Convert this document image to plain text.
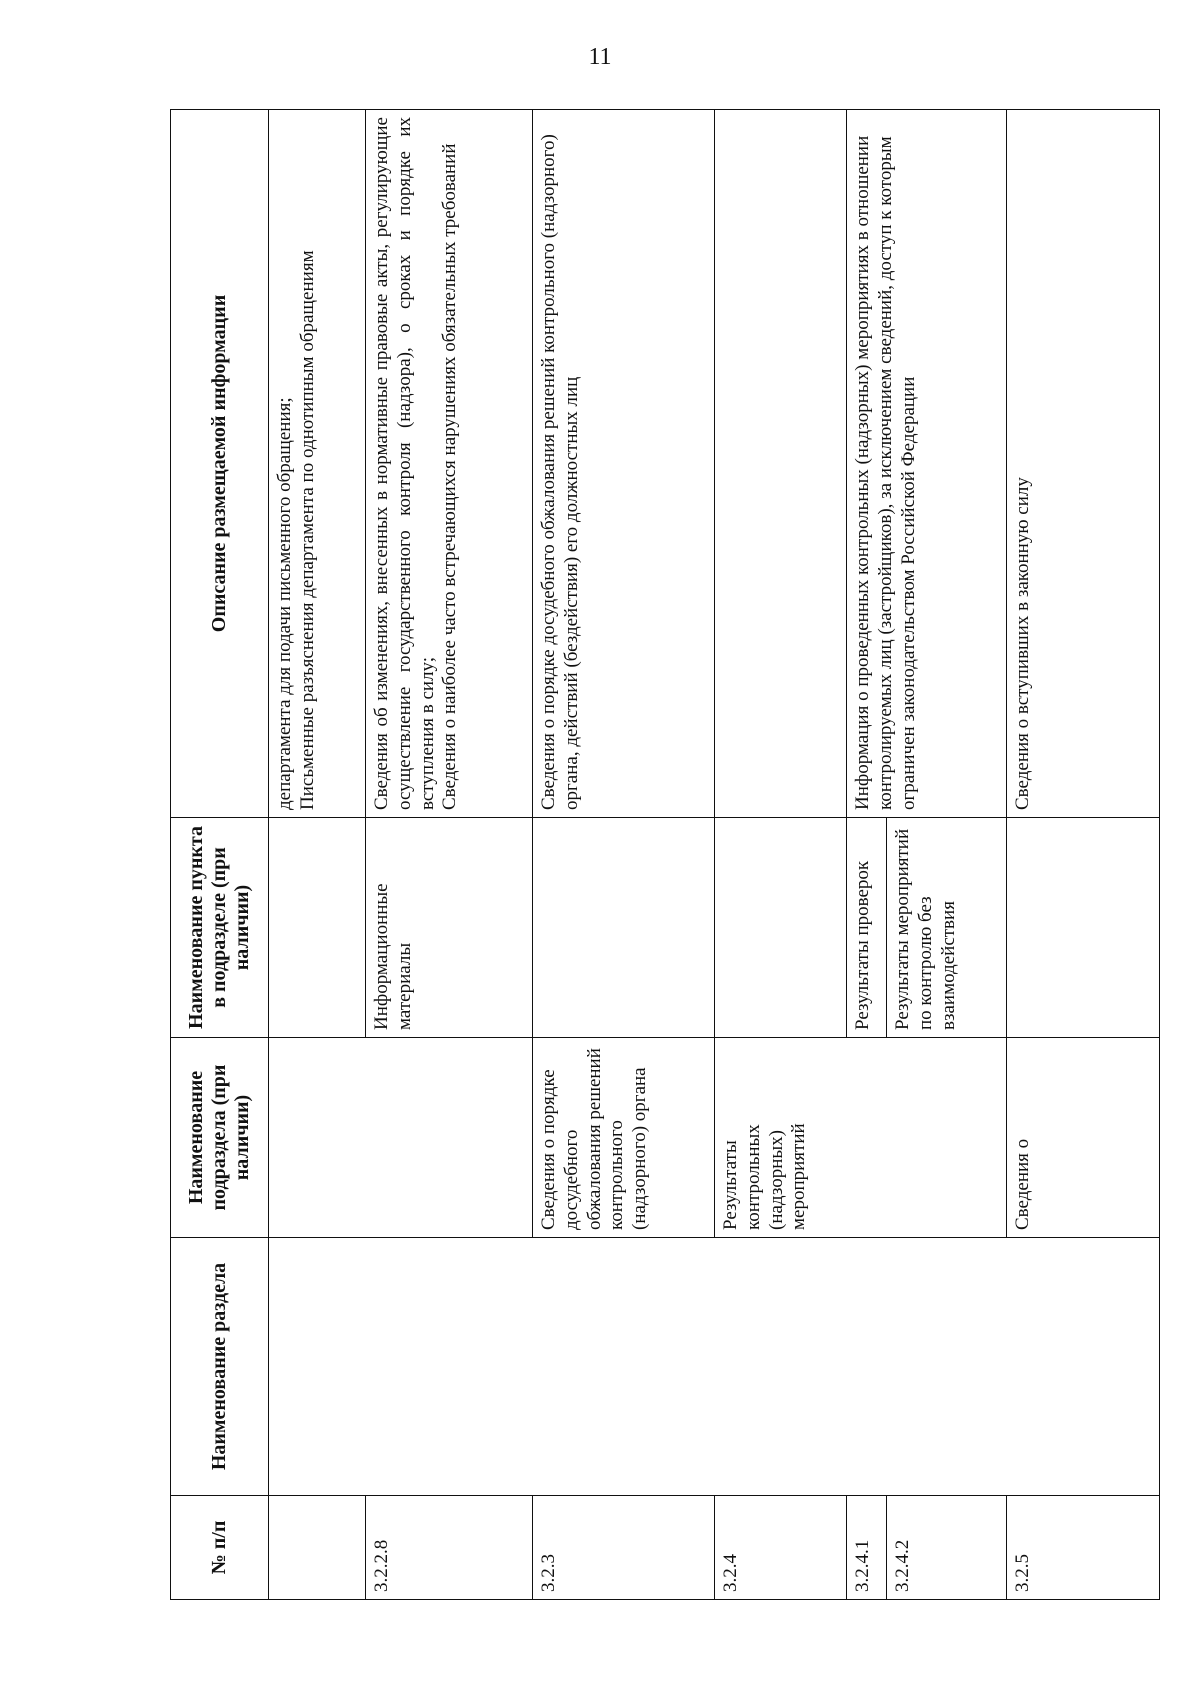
11
№ п/п	Наименование раздела	Наименование подраздела (при наличии)	Наименование пункта в подразделе (при наличии)	Описание размещаемой информации

				департамента для подачи письменного обращения; Письменные разъяснения департамента по однотипным обращениям

3.2.2.8			Информационные материалы	Сведения об изменениях, внесенных в нормативные правовые акты, регулирующие осуществление государственного контроля (надзора), о сроках и порядке их вступления в силу; Сведения о наиболее часто встречающихся нарушениях обязательных требований

3.2.3		Сведения о порядке досудебного обжалования решений контрольного (надзорного) органа		Сведения о порядке досудебного обжалования решений контрольного (надзорного) органа, действий (бездействия) его должностных лиц
3.2.4		Результаты контрольных (надзорных) мероприятий		
3.2.4.1			Результаты проверок	Информация о проведенных контрольных (надзорных) мероприятиях в отношении контролируемых лиц (застройщиков), за исключением сведений, доступ к которым ограничен законодательством Российской Федерации
3.2.4.2			Результаты мероприятий по контролю без взаимодействия	
3.2.5		Сведения о		Сведения о вступивших в законную силу
